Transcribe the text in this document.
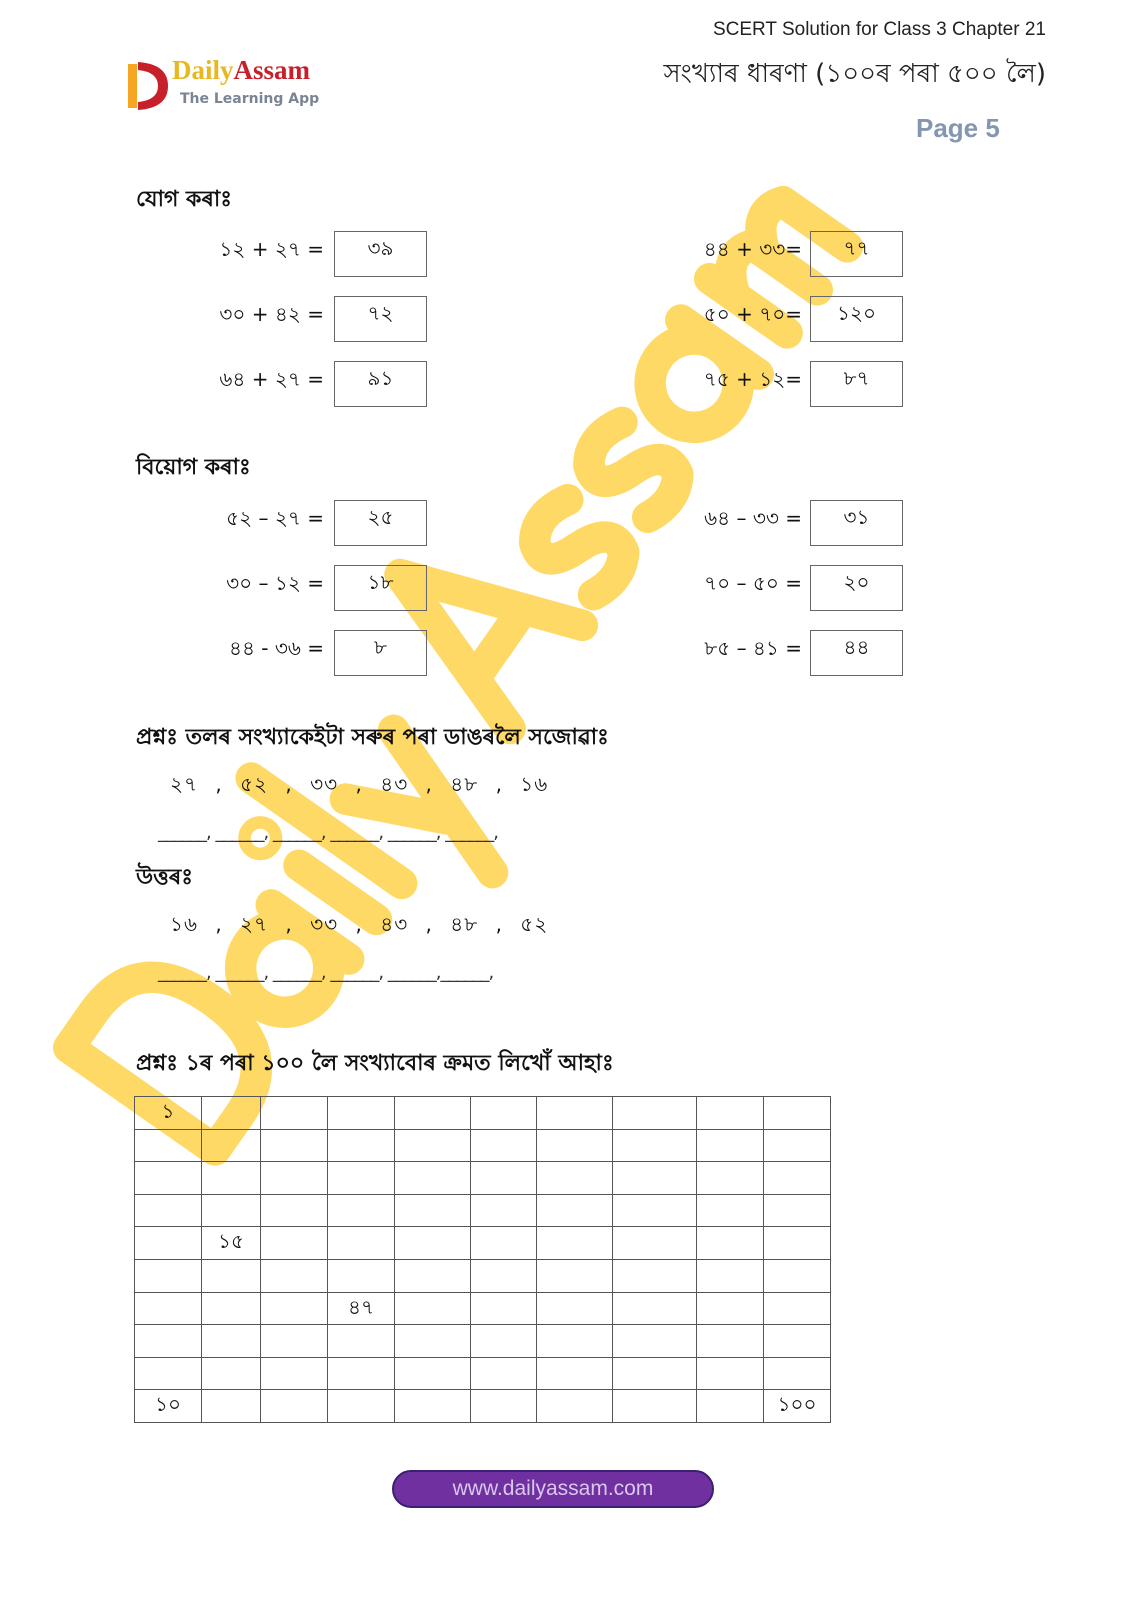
SCERT Solution for Class 3 Chapter 21
সংখ্যাৰ ধাৰণা (১০০ৰ পৰা ৫০০ লৈ)
Page 5
DailyAssam
The Learning App
যোগ কৰাঃ
১২ + ২৭ =	৩৯	৪৪ + ৩৩=	৭৭
৩০ + ৪২ =	৭২	৫০ + ৭০=	১২০
৬৪ + ২৭ =	৯১	৭৫ + ১২=	৮৭
বিয়োগ কৰাঃ
৫২ – ২৭ =	২৫	৬৪ – ৩৩ =	৩১
৩০ – ১২ =	১৮	৭০ – ৫০ =	২০
৪৪ - ৩৬ =	৮	৮৫ – ৪১ =	৪৪
প্ৰশ্নঃ তলৰ সংখ্যাকেইটা সৰুৰ পৰা ডাঙৰলৈ সজোৱাঃ
২৭ , ৫২ , ৩৩ , ৪৩ , ৪৮ , ১৬
______, ______, ______, ______, ______, ______,
উত্তৰঃ
১৬ , ২৭ , ৩৩ , ৪৩ , ৪৮ , ৫২
______, ______, ______, ______, ______,______,
প্ৰশ্নঃ ১ৰ পৰা ১০০ লৈ সংখ্যাবোৰ ক্ৰমত লিখোঁ আহাঃ
১									

	১৫								

			৪৭						

১০									১০০
www.dailyassam.com
